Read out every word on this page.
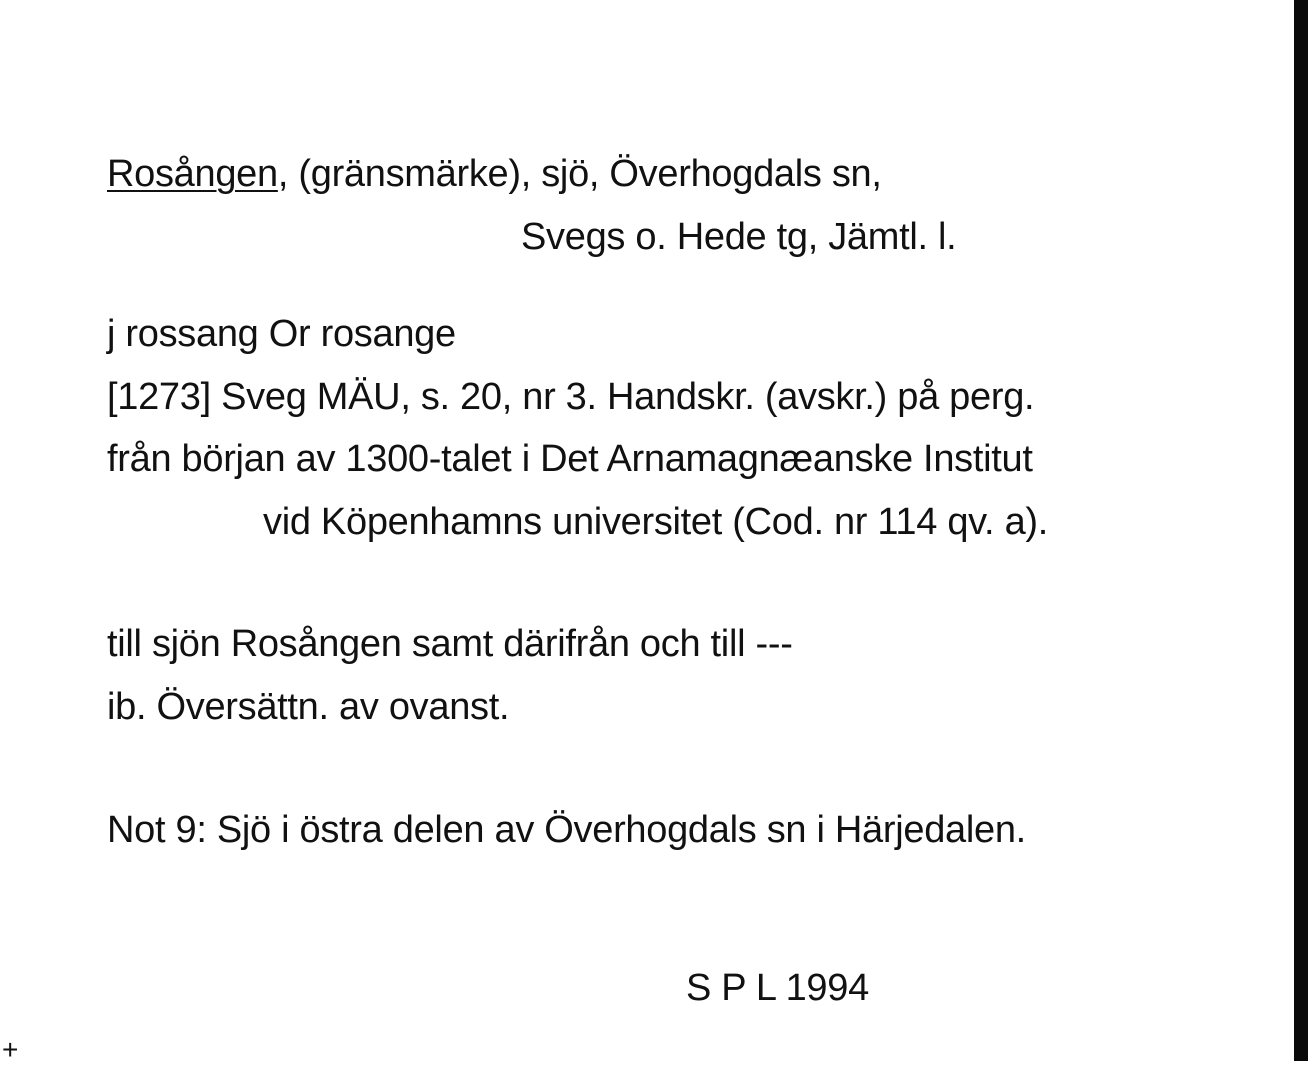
Rosången, (gränsmärke), sjö, Överhogdals sn,
Svegs o. Hede tg, Jämtl. l.
j rossang Or rosange
[1273] Sveg MÄU, s. 20, nr 3. Handskr. (avskr.) på perg.
från början av 1300-talet i Det Arnamagnæanske Institut
vid Köpenhamns universitet (Cod. nr 114 qv. a).
till sjön Rosången samt därifrån och till ---
ib. Översättn. av ovanst.
Not 9: Sjö i östra delen av Överhogdals sn i Härjedalen.
S P L 1994
+
